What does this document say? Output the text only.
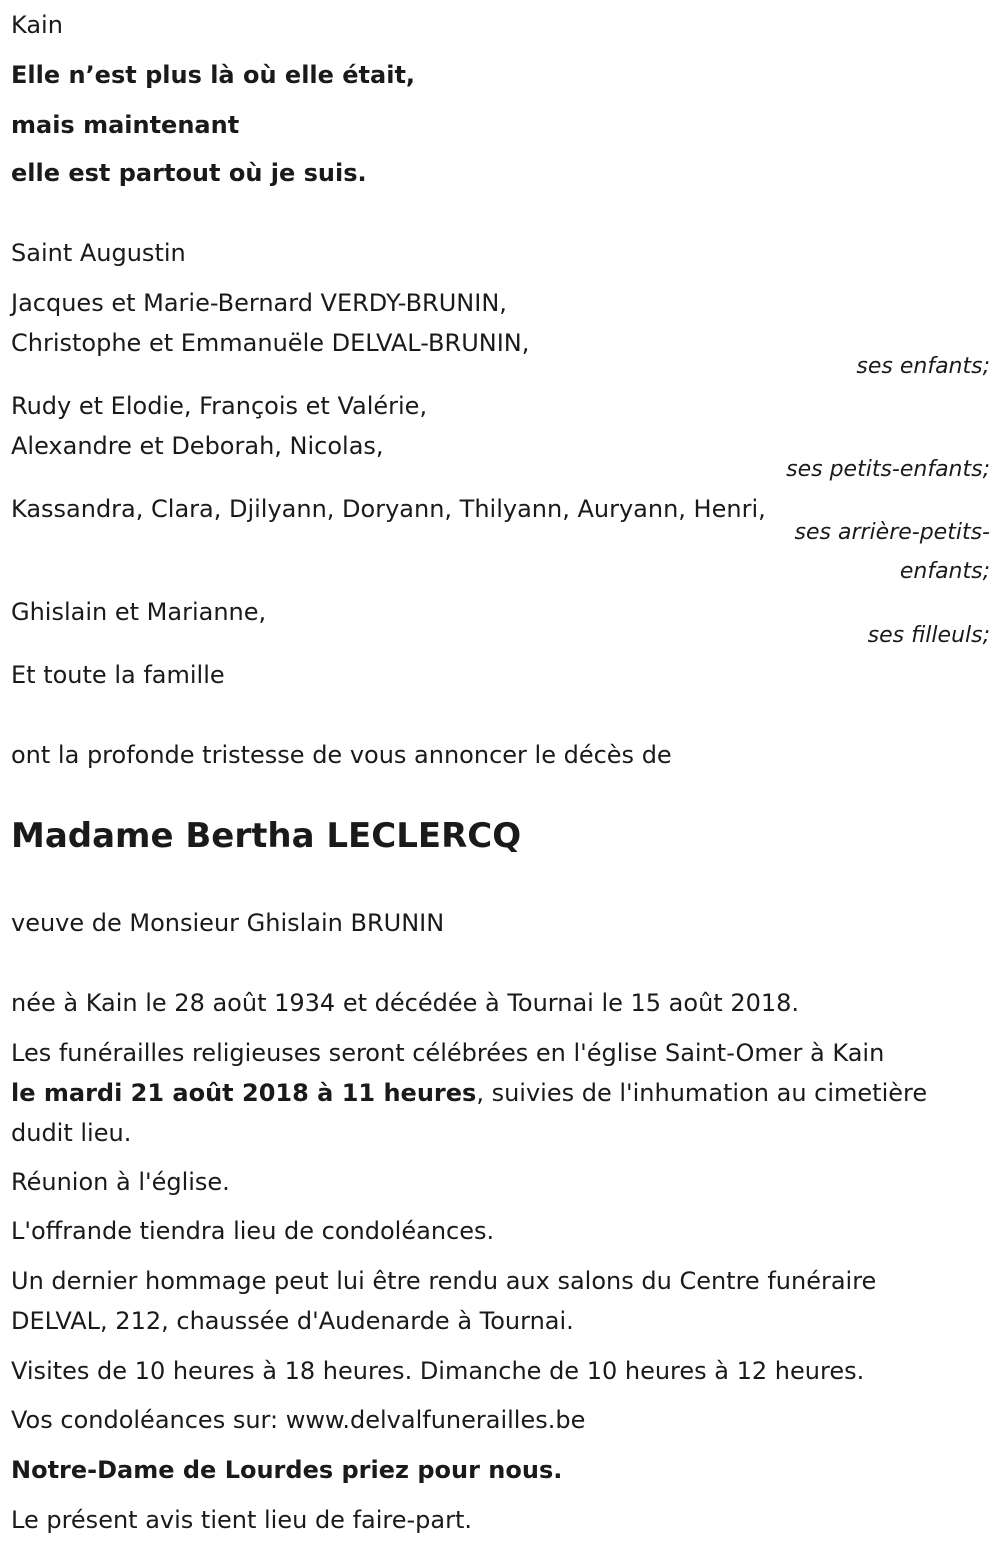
Kain

Elle n’est plus là où elle était,

mais maintenant

elle est partout où je suis.

Saint Augustin

Jacques et Marie-Bernard VERDY-BRUNIN,

Christophe et Emmanuële DELVAL-BRUNIN,

ses enfants;

Rudy et Elodie, François et Valérie,

Alexandre et Deborah, Nicolas,

ses petits-enfants;

Kassandra, Clara, Djilyann, Doryann, Thilyann, Auryann, Henri,

ses arrière-petits-

enfants;

Ghislain et Marianne,

ses filleuls;

Et toute la famille

ont la profonde tristesse de vous annoncer le décès de

Madame Bertha LECLERCQ

veuve de Monsieur Ghislain BRUNIN

née à Kain le 28 août 1934 et décédée à Tournai le 15 août 2018.

Les funérailles religieuses seront célébrées en l'église Saint-Omer à Kain

le mardi 21 août 2018 à 11 heures, suivies de l'inhumation au cimetière

dudit lieu.

Réunion à l'église.

L'offrande tiendra lieu de condoléances.

Un dernier hommage peut lui être rendu aux salons du Centre funéraire

DELVAL, 212, chaussée d'Audenarde à Tournai.

Visites de 10 heures à 18 heures. Dimanche de 10 heures à 12 heures.

Vos condoléances sur: www.delvalfunerailles.be

Notre-Dame de Lourdes priez pour nous.

Le présent avis tient lieu de faire-part.
